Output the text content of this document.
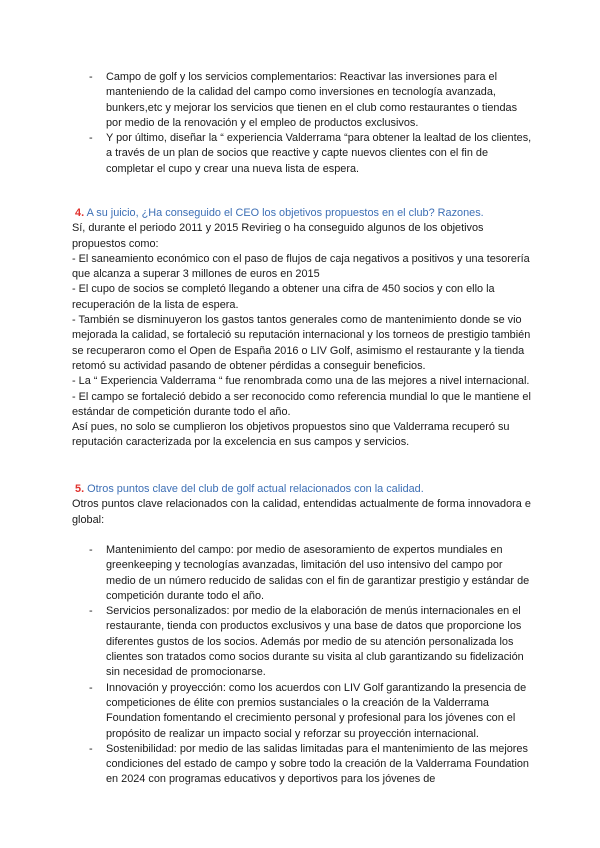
- Campo de golf y los servicios complementarios: Reactivar las inversiones para el manteniendo de la calidad del campo como inversiones en tecnología avanzada, bunkers,etc y mejorar los servicios que tienen en el club como restaurantes o tiendas por medio de la renovación y el empleo de productos exclusivos.
- Y por último, diseñar la “ experiencia Valderrama “para obtener la lealtad de los clientes, a través de un plan de socios que reactive y capte nuevos clientes con el fin de completar el cupo y crear una nueva lista de espera.

4. A su juicio, ¿Ha conseguido el CEO los objetivos propuestos en el club? Razones.

Sí, durante el periodo 2011 y 2015 Revirieg o ha conseguido algunos de los objetivos propuestos como:

- El saneamiento económico con el paso de flujos de caja negativos a positivos y una tesorería que alcanza a superar 3 millones de euros en 2015

- El cupo de socios se completó llegando a obtener una cifra de 450 socios y con ello la recuperación de la lista de espera.

- También se disminuyeron los gastos tantos generales como de mantenimiento donde se vio mejorada la calidad, se fortaleció su reputación internacional y los torneos de prestigio también se recuperaron como el Open de España 2016 o LIV Golf, asimismo el restaurante y la tienda retomó su actividad pasando de obtener pérdidas a conseguir beneficios.

- La “ Experiencia Valderrama “ fue renombrada como una de las mejores a nivel internacional.

- El campo se fortaleció debido a ser reconocido como referencia mundial lo que le mantiene el estándar de competición durante todo el año.

Así pues, no solo se cumplieron los objetivos propuestos sino que Valderrama recuperó su reputación caracterizada por la excelencia en sus campos y servicios.

5. Otros puntos clave del club de golf actual relacionados con la calidad.

Otros puntos clave relacionados con la calidad, entendidas actualmente de forma innovadora e global:

- Mantenimiento del campo: por medio de asesoramiento de expertos mundiales en greenkeeping y tecnologías avanzadas, limitación del uso intensivo del campo por medio de un número reducido de salidas con el fin de garantizar prestigio y estándar de competición durante todo el año.
- Servicios personalizados: por medio de la elaboración de menús internacionales en el restaurante, tienda con productos exclusivos y una base de datos que proporcione los diferentes gustos de los socios. Además por medio de su atención personalizada los clientes son tratados como socios durante su visita al club garantizando su fidelización sin necesidad de promocionarse.
- Innovación y proyección: como los acuerdos con LIV Golf garantizando la presencia de competiciones de élite con premios sustanciales o la creación de la Valderrama Foundation fomentando el crecimiento personal y profesional para los jóvenes con el propósito de realizar un impacto social y reforzar su proyección internacional.
- Sostenibilidad: por medio de las salidas limitadas para el mantenimiento de las mejores condiciones del estado de campo y sobre todo la creación de la Valderrama Foundation en 2024 con programas educativos y deportivos para los jóvenes de
